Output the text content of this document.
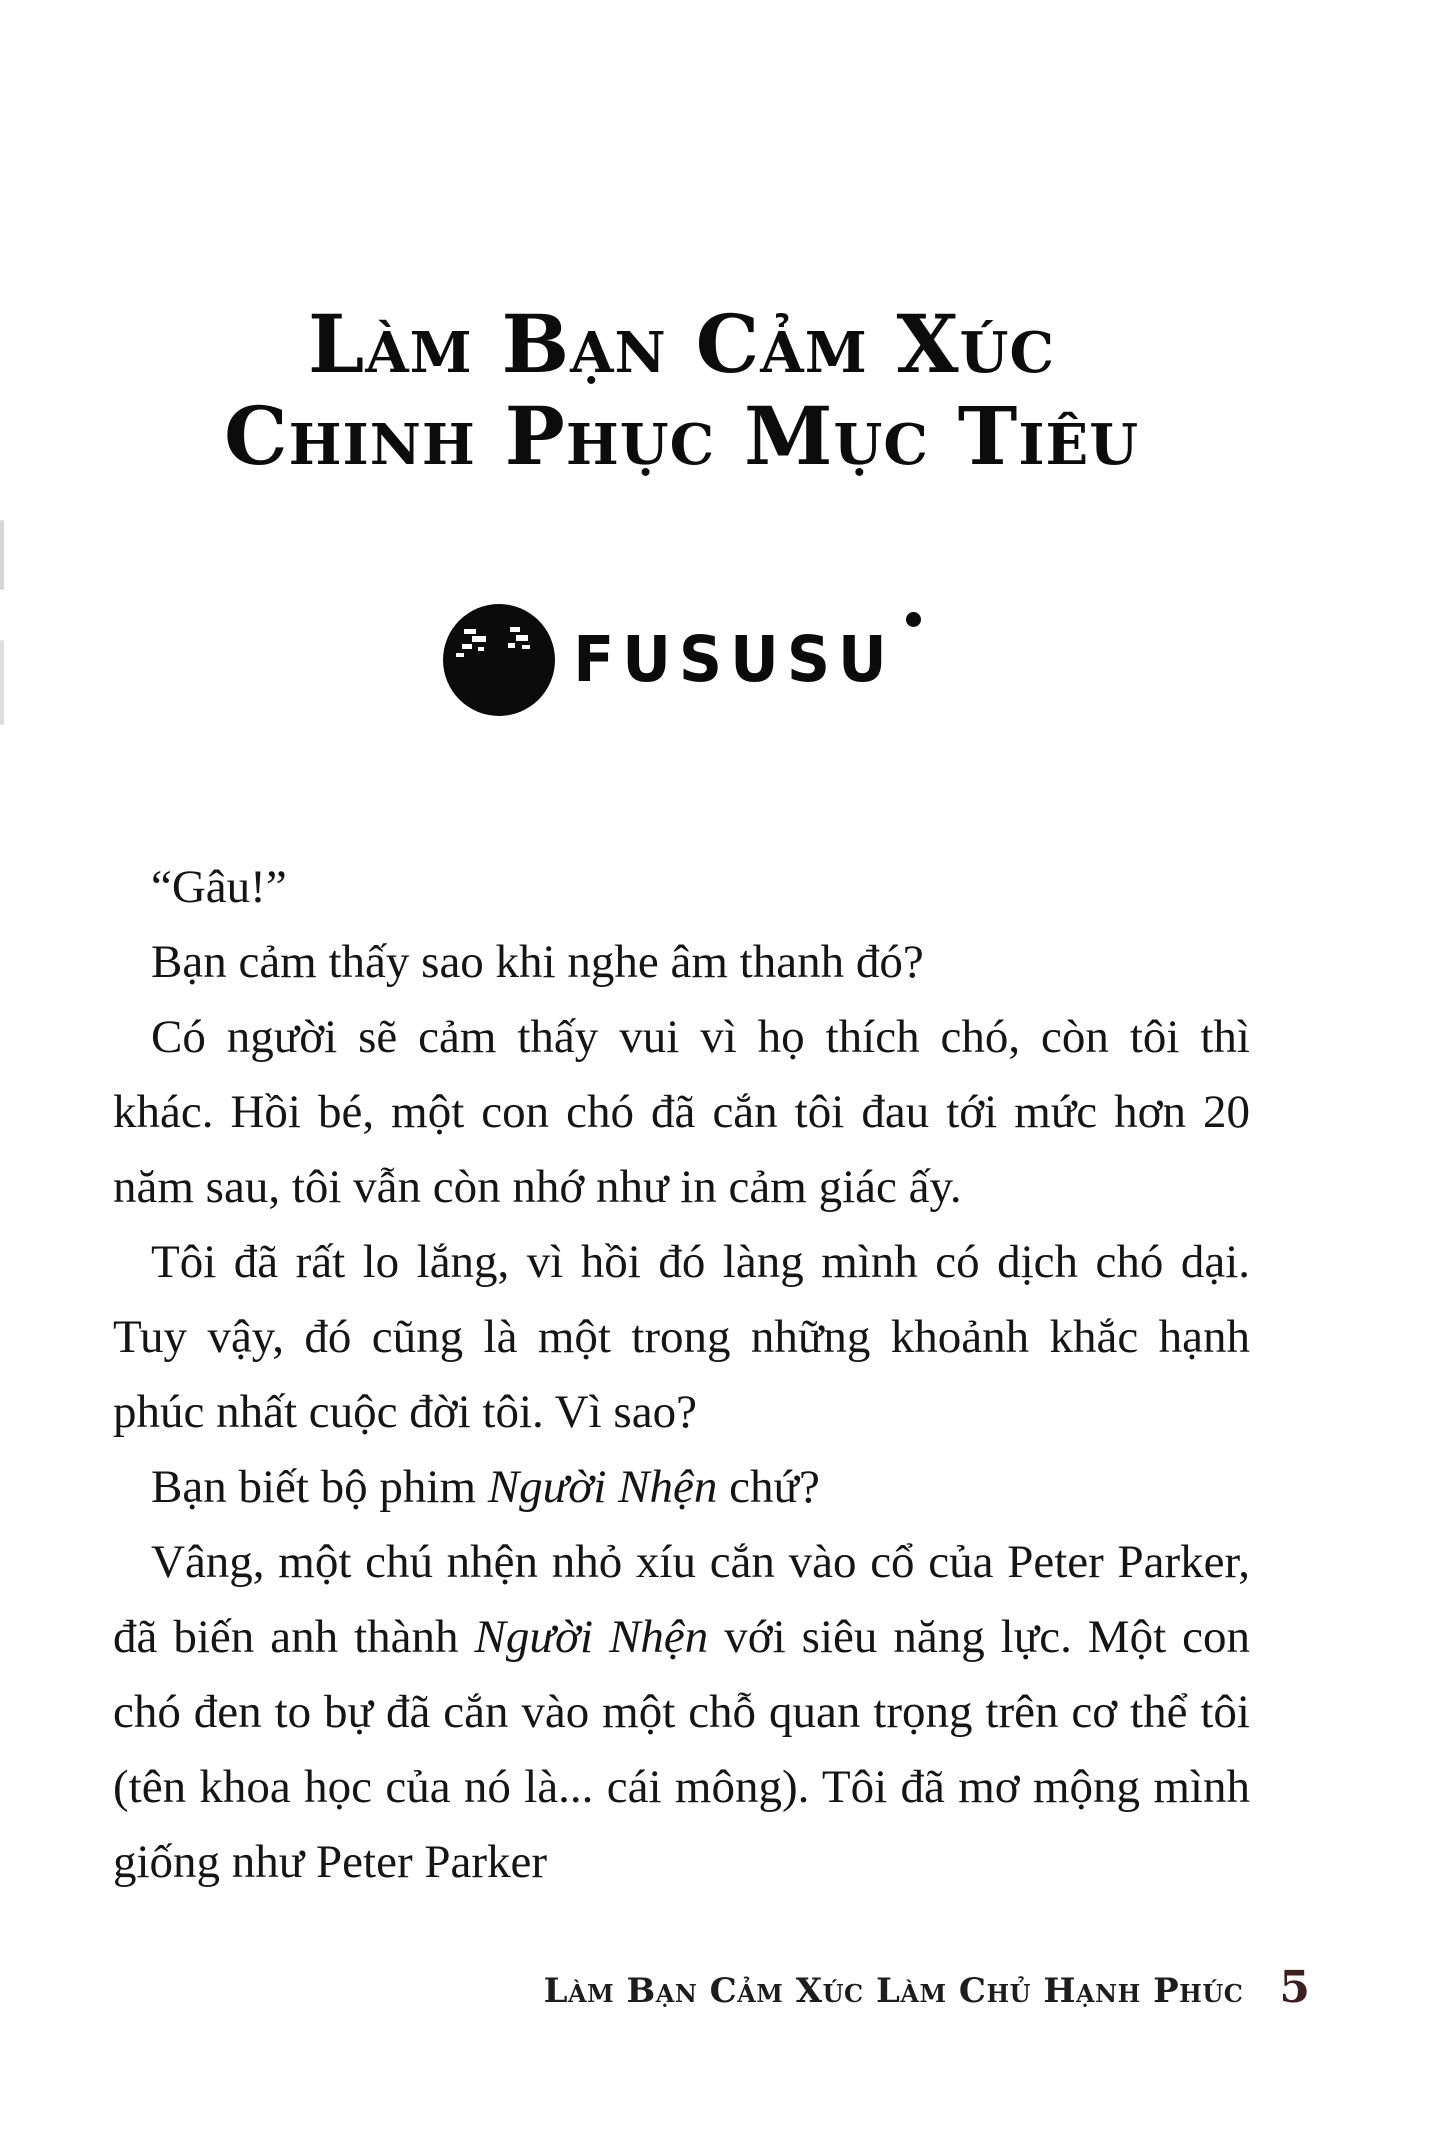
Làm Bạn Cảm Xúc
Chinh Phục Mục Tiêu
FUSUSU

“Gâu!”

Bạn cảm thấy sao khi nghe âm thanh đó?

Có người sẽ cảm thấy vui vì họ thích chó, còn tôi thì khác. Hồi bé, một con chó đã cắn tôi đau tới mức hơn 20 năm sau, tôi vẫn còn nhớ như in cảm giác ấy.

Tôi đã rất lo lắng, vì hồi đó làng mình có dịch chó dại. Tuy vậy, đó cũng là một trong những khoảnh khắc hạnh phúc nhất cuộc đời tôi. Vì sao?

Bạn biết bộ phim Người Nhện chứ?

Vâng, một chú nhện nhỏ xíu cắn vào cổ của Peter Parker, đã biến anh thành Người Nhện với siêu năng lực. Một con chó đen to bự đã cắn vào một chỗ quan trọng trên cơ thể tôi (tên khoa học của nó là... cái mông). Tôi đã mơ mộng mình giống như Peter Parker

Làm Bạn Cảm Xúc Làm Chủ Hạnh Phúc 5
